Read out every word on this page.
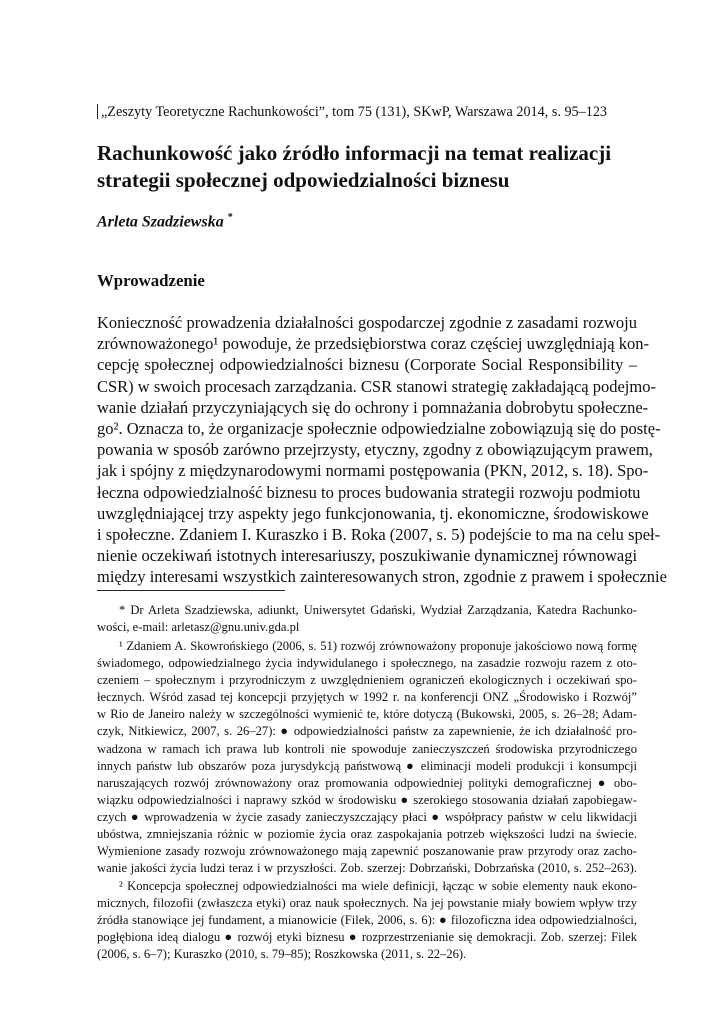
„Zeszyty Teoretyczne Rachunkowości”, tom 75 (131), SKwP, Warszawa 2014, s. 95–123
Rachunkowość jako źródło informacji na temat realizacji
strategii społecznej odpowiedzialności biznesu
Arleta Szadziewska *
Wprowadzenie
Konieczność prowadzenia działalności gospodarczej zgodnie z zasadami rozwoju
zrównoważonego¹ powoduje, że przedsiębiorstwa coraz częściej uwzględniają kon-
cepcję społecznej odpowiedzialności biznesu (Corporate Social Responsibility –
CSR) w swoich procesach zarządzania. CSR stanowi strategię zakładającą podejmo-
wanie działań przyczyniających się do ochrony i pomnażania dobrobytu społeczne-
go². Oznacza to, że organizacje społecznie odpowiedzialne zobowiązują się do postę-
powania w sposób zarówno przejrzysty, etyczny, zgodny z obowiązującym prawem,
jak i spójny z międzynarodowymi normami postępowania (PKN, 2012, s. 18). Spo-
łeczna odpowiedzialność biznesu to proces budowania strategii rozwoju podmiotu
uwzględniającej trzy aspekty jego funkcjonowania, tj. ekonomiczne, środowiskowe
i społeczne. Zdaniem I. Kuraszko i B. Roka (2007, s. 5) podejście to ma na celu speł-
nienie oczekiwań istotnych interesariuszy, poszukiwanie dynamicznej równowagi
między interesami wszystkich zainteresowanych stron, zgodnie z prawem i społecznie
* Dr Arleta Szadziewska, adiunkt, Uniwersytet Gdański, Wydział Zarządzania, Katedra Rachunko-
wości, e-mail: arletasz@gnu.univ.gda.pl
¹ Zdaniem A. Skowrońskiego (2006, s. 51) rozwój zrównoważony proponuje jakościowo nową formę
świadomego, odpowiedzialnego życia indywidulanego i społecznego, na zasadzie rozwoju razem z oto-
czeniem – społecznym i przyrodniczym z uwzględnieniem ograniczeń ekologicznych i oczekiwań spo-
łecznych. Wśród zasad tej koncepcji przyjętych w 1992 r. na konferencji ONZ „Środowisko i Rozwój”
w Rio de Janeiro należy w szczególności wymienić te, które dotyczą (Bukowski, 2005, s. 26–28; Adam-
czyk, Nitkiewicz, 2007, s. 26–27): ● odpowiedzialności państw za zapewnienie, że ich działalność pro-
wadzona w ramach ich prawa lub kontroli nie spowoduje zanieczyszczeń środowiska przyrodniczego
innych państw lub obszarów poza jurysdykcją państwową ● eliminacji modeli produkcji i konsumpcji
naruszających rozwój zrównoważony oraz promowania odpowiedniej polityki demograficznej ● obo-
wiązku odpowiedzialności i naprawy szkód w środowisku ● szerokiego stosowania działań zapobiegaw-
czych ● wprowadzenia w życie zasady zanieczyszczający płaci ● współpracy państw w celu likwidacji
ubóstwa, zmniejszania różnic w poziomie życia oraz zaspokajania potrzeb większości ludzi na świecie.
Wymienione zasady rozwoju zrównoważonego mają zapewnić poszanowanie praw przyrody oraz zacho-
wanie jakości życia ludzi teraz i w przyszłości. Zob. szerzej: Dobrzański, Dobrzańska (2010, s. 252–263).
² Koncepcja społecznej odpowiedzialności ma wiele definicji, łącząc w sobie elementy nauk ekono-
micznych, filozofii (zwłaszcza etyki) oraz nauk społecznych. Na jej powstanie miały bowiem wpływ trzy
źródła stanowiące jej fundament, a mianowicie (Filek, 2006, s. 6): ● filozoficzna idea odpowiedzialności,
pogłębiona ideą dialogu ● rozwój etyki biznesu ● rozprzestrzenianie się demokracji. Zob. szerzej: Filek
(2006, s. 6–7); Kuraszko (2010, s. 79–85); Roszkowska (2011, s. 22–26).
